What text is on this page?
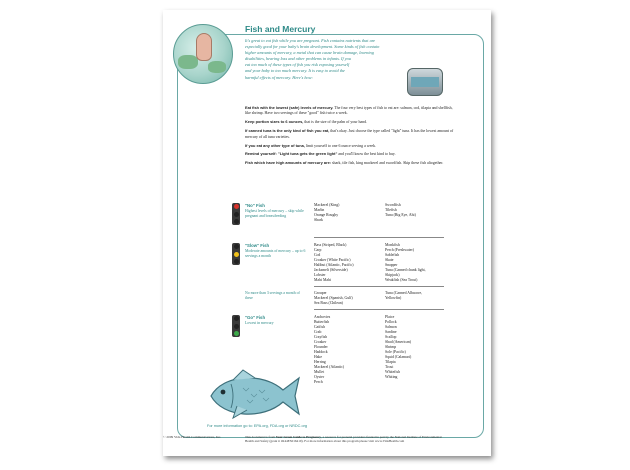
Fish and Mercury

It's great to eat fish while you are pregnant. Fish contains nutrients that are

especially good for your baby's brain development. Some kinds of fish contain

higher amounts of mercury, a metal that can cause brain damage, learning

disabilities, hearing loss and other problems in infants. If you

eat too much of these types of fish you risk exposing yourself

and your baby to too much mercury. It is easy to avoid the

harmful effects of mercury. Here's how:

Eat fish with the lowest (safe) levels of mercury. The four very best types of fish to eat are: salmon, cod, tilapia and shellfish, like shrimp. Have two servings of these "good" fish twice a week.

Keep portion sizes to 6 ounces, that is the size of the palm of your hand.

If canned tuna is the only kind of fish you eat, that's okay. Just choose the type called "light" tuna. It has the lowest amount of mercury of all tuna varieties.

If you eat any other type of tuna, limit yourself to one 6 ounce serving a week.

Remind yourself: "Light tuna gets the green light" and you'll know the best kind to buy.

Fish which have high amounts of mercury are: shark, tile fish, king mackerel and swordfish. Skip these fish altogether.

"No" Fish
Highest levels of mercury – skip while pregnant and breastfeeding
Mackerel (King)
Marlin
Orange Roughy
Shark
Swordfish
Tilefish
Tuna (Big Eye, Ahi)
"Slow" Fish
Moderate amounts of mercury – up to 6 servings a month
Bass (Striped, Black)
Carp
Cod
Croaker (White Pacific)
Halibut (Atlantic, Pacific)
Jacksmelt (Silverside)
Lobster
Mahi Mahi
Monkfish
Perch (Freshwater)
Sablefish
Skate
Snapper
Tuna (Canned chunk light,
Skipjack)
Weakfish (Sea Trout)
No more than 3 servings a month of these
Grouper
Mackerel (Spanish, Gulf)
Sea Bass (Chilean)
Tuna (Canned Albacore,
Yellowfin)
"Go" Fish
Lowest in mercury
Anchovies
Butterfish
Catfish
Crab
Crayfish
Croaker
Flounder
Haddock
Hake
Herring
Mackerel (Atlantic)
Mullet
Oyster
Perch
Plaice
Pollock
Salmon
Sardine
Scallop
Shad (American)
Shrimp
Sole (Pacific)
Squid (Calamari)
Tilapia
Trout
Whitefish
Whiting
For more information go to: EPA.org, FDA.org or NRDC.org
© 2009 Vida Health Communications, Inc.	This document is from Your Green Guide to Pregnancy, a resource for prenatal providers funded in part by the National Institute of Environmental Health and Safety (grant # 1R44ES016419). For more information about this program please visit www.VidaHealth.com
